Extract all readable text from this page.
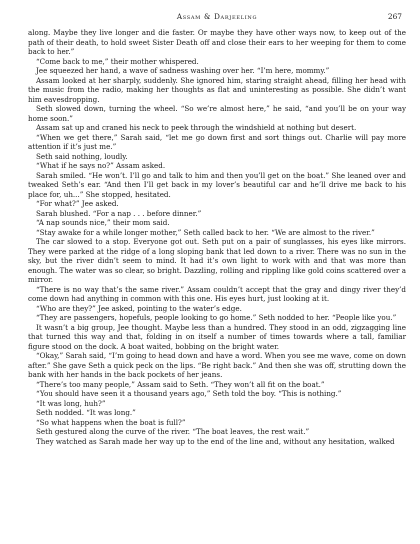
Assam & Darjeeling	267

along. Maybe they live longer and die faster. Or maybe they have other ways now, to keep out of the path of their death, to hold sweet Sister Death off and close their ears to her weeping for them to come back to her.”

“Come back to me,” their mother whispered.

Jee squeezed her hand, a wave of sadness washing over her. “I’m here, mommy.”

Assam looked at her sharply, suddenly. She ignored him, staring straight ahead, filling her head with the music from the radio, making her thoughts as flat and uninteresting as possible. She didn’t want him eavesdropping.

Seth slowed down, turning the wheel. “So we’re almost here,” he said, “and you’ll be on your way home soon.”

Assam sat up and craned his neck to peek through the windshield at nothing but desert.

“When we get there,” Sarah said, “let me go down first and sort things out. Charlie will pay more attention if it’s just me.”

Seth said nothing, loudly.

“What if he says no?” Assam asked.

Sarah smiled. “He won’t. I’ll go and talk to him and then you’ll get on the boat.” She leaned over and tweaked Seth’s ear. “And then I’ll get back in my lover’s beautiful car and he’ll drive me back to his place for, uh...” She stopped, hesitated.

“For what?” Jee asked.

Sarah blushed. “For a nap . . . before dinner.”

“A nap sounds nice,” their mom said.

“Stay awake for a while longer mother,” Seth called back to her. “We are almost to the river.”

The car slowed to a stop. Everyone got out. Seth put on a pair of sunglasses, his eyes like mirrors. They were parked at the ridge of a long sloping bank that led down to a river. There was no sun in the sky, but the river didn’t seem to mind. It had it’s own light to work with and that was more than enough. The water was so clear, so bright. Dazzling, rolling and rippling like gold coins scattered over a mirror.

“There is no way that’s the same river.” Assam couldn’t accept that the gray and dingy river they’d come down had anything in common with this one. His eyes hurt, just looking at it.

“Who are they?” Jee asked, pointing to the water’s edge.

“They are passengers, hopefuls, people looking to go home.” Seth nodded to her. “People like you.”

It wasn’t a big group, Jee thought. Maybe less than a hundred. They stood in an odd, zigzagging line that turned this way and that, folding in on itself a number of times towards where a tall, familiar figure stood on the dock. A boat waited, bobbing on the bright water.

“Okay,” Sarah said, “I’m going to head down and have a word. When you see me wave, come on down after.” She gave Seth a quick peck on the lips. “Be right back.” And then she was off, strutting down the bank with her hands in the back pockets of her jeans.

“There’s too many people,” Assam said to Seth. “They won’t all fit on the boat.”

“You should have seen it a thousand years ago,” Seth told the boy. “This is nothing.”

“It was long, huh?”

Seth nodded. “It was long.”

“So what happens when the boat is full?”

Seth gestured along the curve of the river. “The boat leaves, the rest wait.”

They watched as Sarah made her way up to the end of the line and, without any hesitation, walked
